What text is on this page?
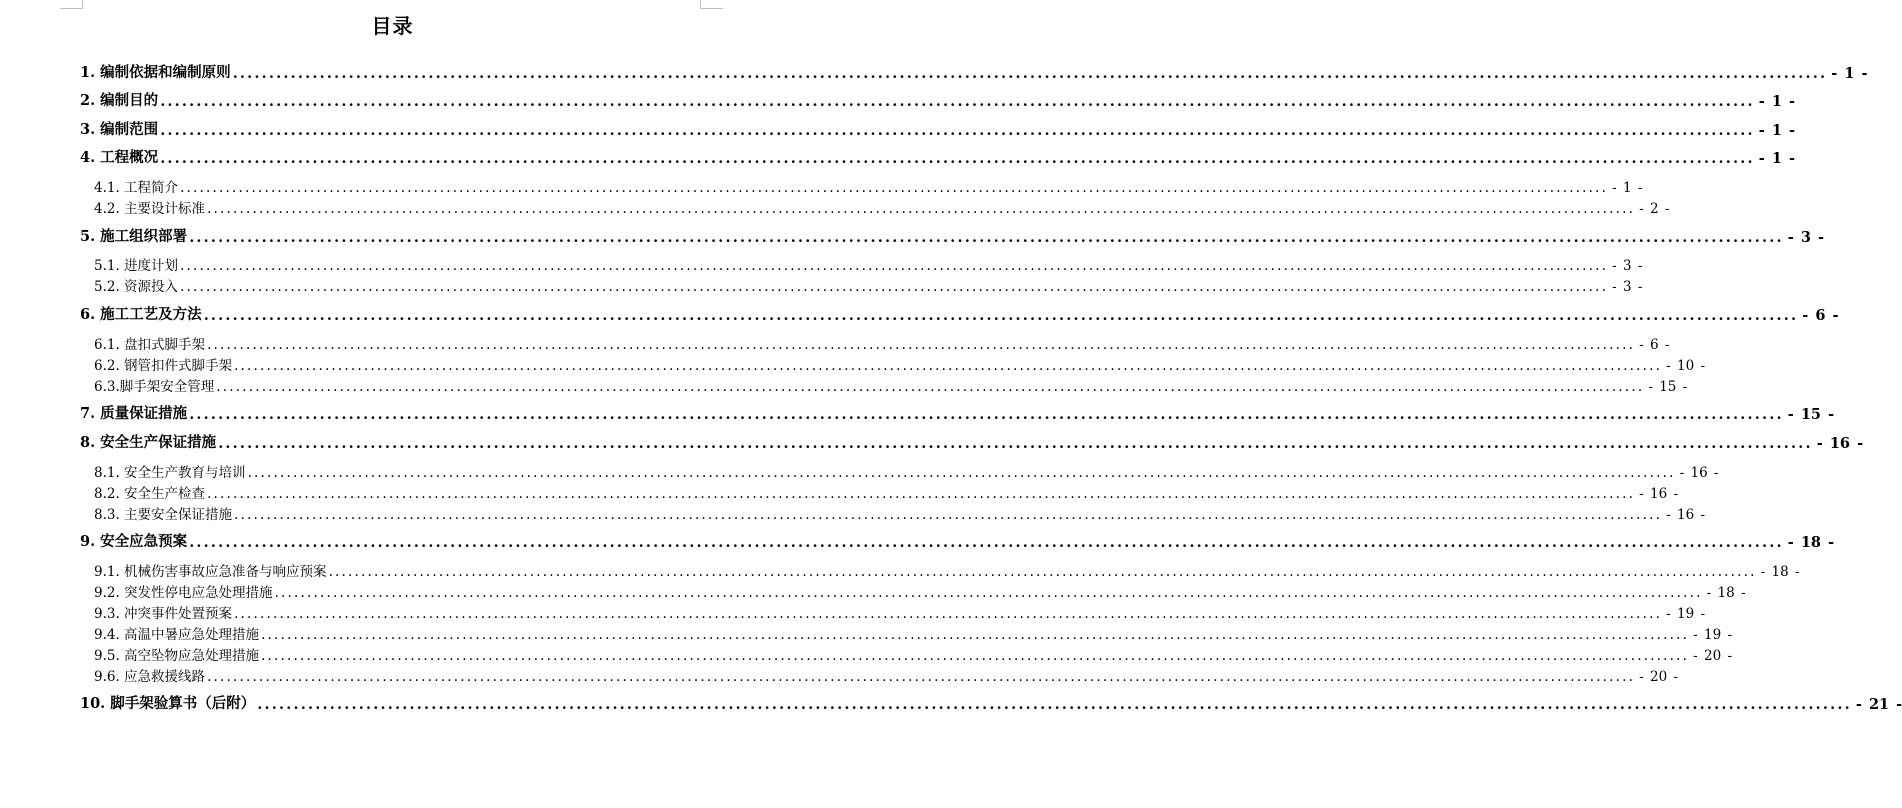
目录
1. 编制依据和编制原则 ............................................................................................................................................................................................................................ - 1 -
2. 编制目的 ............................................................................................................................................................................................................................ - 1 -
3. 编制范围 ............................................................................................................................................................................................................................ - 1 -
4. 工程概况 ............................................................................................................................................................................................................................ - 1 -
4.1. 工程简介 ............................................................................................................................................................................................................................ - 1 -
4.2. 主要设计标准 ............................................................................................................................................................................................................................ - 2 -
5. 施工组织部署 ............................................................................................................................................................................................................................ - 3 -
5.1. 进度计划 ............................................................................................................................................................................................................................ - 3 -
5.2. 资源投入 ............................................................................................................................................................................................................................ - 3 -
6. 施工工艺及方法 ............................................................................................................................................................................................................................ - 6 -
6.1. 盘扣式脚手架 ............................................................................................................................................................................................................................ - 6 -
6.2. 钢管扣件式脚手架 ............................................................................................................................................................................................................................ - 10 -
6.3.脚手架安全管理 ............................................................................................................................................................................................................................ - 15 -
7. 质量保证措施 ............................................................................................................................................................................................................................ - 15 -
8. 安全生产保证措施 ............................................................................................................................................................................................................................ - 16 -
8.1. 安全生产教育与培训 ............................................................................................................................................................................................................................ - 16 -
8.2. 安全生产检查 ............................................................................................................................................................................................................................ - 16 -
8.3. 主要安全保证措施 ............................................................................................................................................................................................................................ - 16 -
9. 安全应急预案 ............................................................................................................................................................................................................................ - 18 -
9.1. 机械伤害事故应急准备与响应预案 ............................................................................................................................................................................................................................ - 18 -
9.2. 突发性停电应急处理措施 ............................................................................................................................................................................................................................ - 18 -
9.3. 冲突事件处置预案 ............................................................................................................................................................................................................................ - 19 -
9.4. 高温中暑应急处理措施 ............................................................................................................................................................................................................................ - 19 -
9.5. 高空坠物应急处理措施 ............................................................................................................................................................................................................................ - 20 -
9.6. 应急救援线路 ............................................................................................................................................................................................................................ - 20 -
10. 脚手架验算书（后附） ............................................................................................................................................................................................................................ - 21 -
